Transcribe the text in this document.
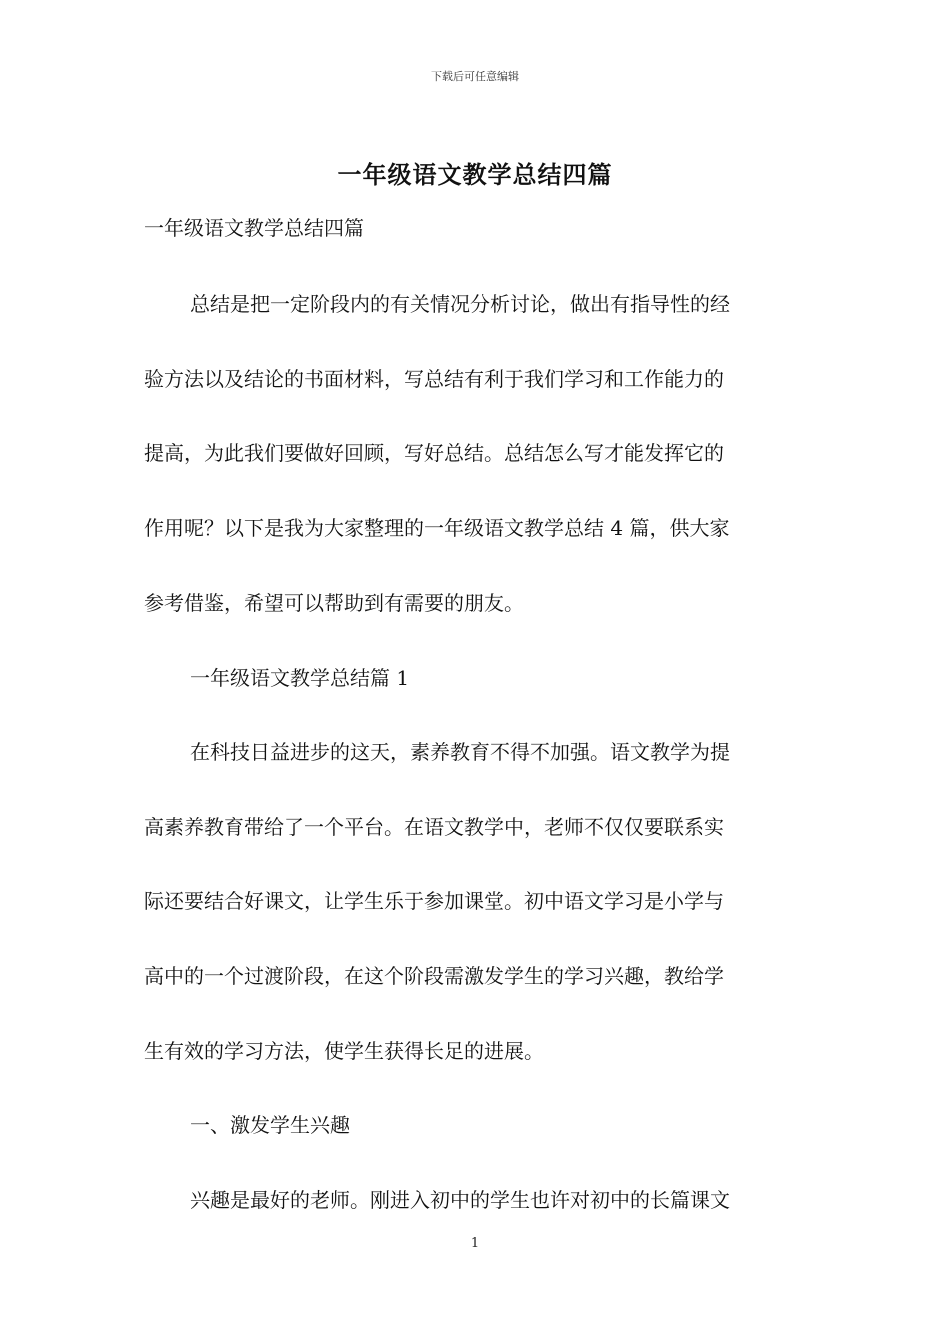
下载后可任意编辑
一年级语文教学总结四篇

一年级语文教学总结四篇

总结是把一定阶段内的有关情况分析讨论，做出有指导性的经

验方法以及结论的书面材料，写总结有利于我们学习和工作能力的

提高，为此我们要做好回顾，写好总结。总结怎么写才能发挥它的

作用呢？以下是我为大家整理的一年级语文教学总结 4 篇，供大家

参考借鉴，希望可以帮助到有需要的朋友。

一年级语文教学总结篇 1

在科技日益进步的这天，素养教育不得不加强。语文教学为提

高素养教育带给了一个平台。在语文教学中，老师不仅仅要联系实

际还要结合好课文，让学生乐于参加课堂。初中语文学习是小学与

高中的一个过渡阶段，在这个阶段需激发学生的学习兴趣，教给学

生有效的学习方法，使学生获得长足的进展。

一、激发学生兴趣

兴趣是最好的老师。刚进入初中的学生也许对初中的长篇课文

1
